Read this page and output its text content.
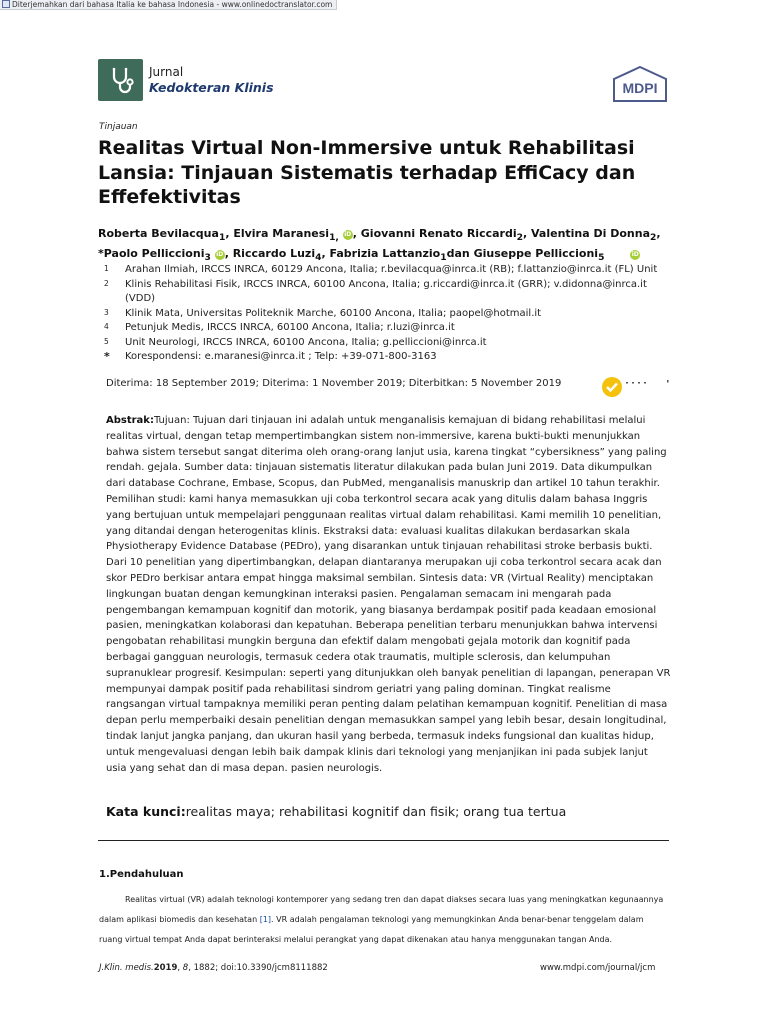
Diterjemahkan dari bahasa Italia ke bahasa Indonesia - www.onlinedoctranslator.com
Jurnal
Kedokteran Klinis	MDPI
Tinjauan
Realitas Virtual Non-Immersive untuk Rehabilitasi Lansia: Tinjauan Sistematis terhadap EffiCacy dan Effefektivitas
Roberta Bevilacqua$_1$, Elvira Maranesi$_{1,}$ iD, Giovanni Renato Riccardi$_2$, Valentina Di Donna$_2$,
*Paolo Pelliccioni$_3$ iD, Riccardo Luzi$_4$, Fabrizia Lattanzio$_1$dan Giuseppe Pelliccioni$_5$	iD
1	Arahan Ilmiah, IRCCS INRCA, 60129 Ancona, Italia; r.bevilacqua@inrca.it (RB); f.lattanzio@inrca.it (FL) Unit
2	Klinis Rehabilitasi Fisik, IRCCS INRCA, 60100 Ancona, Italia; g.riccardi@inrca.it (GRR); v.didonna@inrca.it (VDD)
3	Klinik Mata, Universitas Politeknik Marche, 60100 Ancona, Italia; paopel@hotmail.it
4	Petunjuk Medis, IRCCS INRCA, 60100 Ancona, Italia; r.luzi@inrca.it
5	Unit Neurologi, IRCCS INRCA, 60100 Ancona, Italia; g.pelliccioni@inrca.it
*	Korespondensi: e.maranesi@inrca.it ; Telp: +39-071-800-3163
Diterima: 18 September 2019; Diterima: 1 November 2019; Diterbitkan: 5 November 2019

Abstrak:Tujuan: Tujuan dari tinjauan ini adalah untuk menganalisis kemajuan di bidang rehabilitasi melalui realitas virtual, dengan tetap mempertimbangkan sistem non-immersive, karena bukti-bukti menunjukkan bahwa sistem tersebut sangat diterima oleh orang-orang lanjut usia, karena tingkat “cybersikness” yang paling rendah. gejala. Sumber data: tinjauan sistematis literatur dilakukan pada bulan Juni 2019. Data dikumpulkan dari database Cochrane, Embase, Scopus, dan PubMed, menganalisis manuskrip dan artikel 10 tahun terakhir. Pemilihan studi: kami hanya memasukkan uji coba terkontrol secara acak yang ditulis dalam bahasa Inggris yang bertujuan untuk mempelajari penggunaan realitas virtual dalam rehabilitasi. Kami memilih 10 penelitian, yang ditandai dengan heterogenitas klinis. Ekstraksi data: evaluasi kualitas dilakukan berdasarkan skala Physiotherapy Evidence Database (PEDro), yang disarankan untuk tinjauan rehabilitasi stroke berbasis bukti. Dari 10 penelitian yang dipertimbangkan, delapan diantaranya merupakan uji coba terkontrol secara acak dan skor PEDro berkisar antara empat hingga maksimal sembilan. Sintesis data: VR (Virtual Reality) menciptakan lingkungan buatan dengan kemungkinan interaksi pasien. Pengalaman semacam ini mengarah pada pengembangan kemampuan kognitif dan motorik, yang biasanya berdampak positif pada keadaan emosional pasien, meningkatkan kolaborasi dan kepatuhan. Beberapa penelitian terbaru menunjukkan bahwa intervensi pengobatan rehabilitasi mungkin berguna dan efektif dalam mengobati gejala motorik dan kognitif pada berbagai gangguan neurologis, termasuk cedera otak traumatis, multiple sclerosis, dan kelumpuhan supranuklear progresif. Kesimpulan: seperti yang ditunjukkan oleh banyak penelitian di lapangan, penerapan VR mempunyai dampak positif pada rehabilitasi sindrom geriatri yang paling dominan. Tingkat realisme rangsangan virtual tampaknya memiliki peran penting dalam pelatihan kemampuan kognitif. Penelitian di masa depan perlu memperbaiki desain penelitian dengan memasukkan sampel yang lebih besar, desain longitudinal, tindak lanjut jangka panjang, dan ukuran hasil yang berbeda, termasuk indeks fungsional dan kualitas hidup, untuk mengevaluasi dengan lebih baik dampak klinis dari teknologi yang menjanjikan ini pada subjek lanjut usia yang sehat dan di masa depan. pasien neurologis.

Kata kunci:realitas maya; rehabilitasi kognitif dan fisik; orang tua tertua
1.Pendahuluan

Realitas virtual (VR) adalah teknologi kontemporer yang sedang tren dan dapat diakses secara luas yang meningkatkan kegunaannya dalam aplikasi biomedis dan kesehatan [1]. VR adalah pengalaman teknologi yang memungkinkan Anda benar-benar tenggelam dalam ruang virtual tempat Anda dapat berinteraksi melalui perangkat yang dapat dikenakan atau hanya menggunakan tangan Anda.

J.Klin. medis.2019, 8, 1882; doi:10.3390/jcm8111882	www.mdpi.com/journal/jcm
